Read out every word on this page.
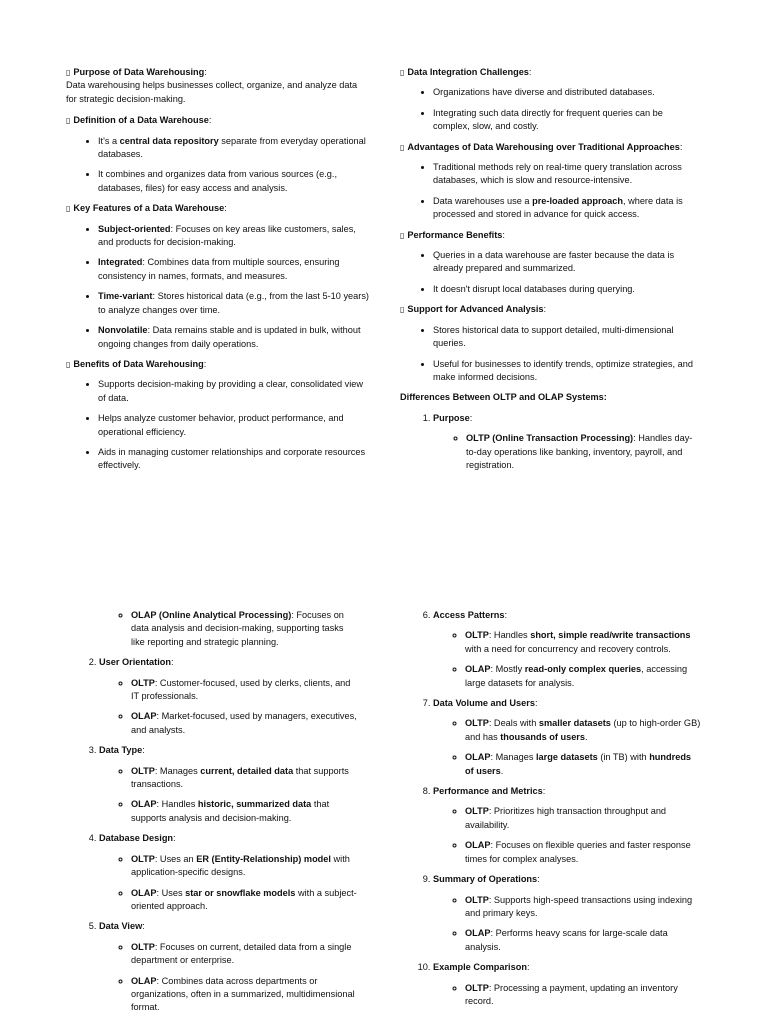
▯ Purpose of Data Warehousing:

Data warehousing helps businesses collect, organize, and analyze data for strategic decision-making.

▯ Definition of a Data Warehouse:

• It's a central data repository separate from everyday operational databases.
• It combines and organizes data from various sources (e.g., databases, files) for easy access and analysis.

▯ Key Features of a Data Warehouse:

• Subject-oriented: Focuses on key areas like customers, sales, and products for decision-making.
• Integrated: Combines data from multiple sources, ensuring consistency in names, formats, and measures.
• Time-variant: Stores historical data (e.g., from the last 5-10 years) to analyze changes over time.
• Nonvolatile: Data remains stable and is updated in bulk, without ongoing changes from daily operations.

▯ Benefits of Data Warehousing:

• Supports decision-making by providing a clear, consolidated view of data.
• Helps analyze customer behavior, product performance, and operational efficiency.
• Aids in managing customer relationships and corporate resources effectively.

▯ Data Integration Challenges:

• Organizations have diverse and distributed databases.
• Integrating such data directly for frequent queries can be complex, slow, and costly.

▯ Advantages of Data Warehousing over Traditional Approaches:

• Traditional methods rely on real-time query translation across databases, which is slow and resource-intensive.
• Data warehouses use a pre-loaded approach, where data is processed and stored in advance for quick access.

▯ Performance Benefits:

• Queries in a data warehouse are faster because the data is already prepared and summarized.
• It doesn't disrupt local databases during querying.

▯ Support for Advanced Analysis:

• Stores historical data to support detailed, multi-dimensional queries.
• Useful for businesses to identify trends, optimize strategies, and make informed decisions.

Differences Between OLTP and OLAP Systems:

1. Purpose:
◦ OLTP (Online Transaction Processing): Handles day-to-day operations like banking, inventory, payroll, and registration.
◦ OLAP (Online Analytical Processing): Focuses on data analysis and decision-making, supporting tasks like reporting and strategic planning.
2. User Orientation:
◦ OLTP: Customer-focused, used by clerks, clients, and IT professionals.
◦ OLAP: Market-focused, used by managers, executives, and analysts.
3. Data Type:
◦ OLTP: Manages current, detailed data that supports transactions.
◦ OLAP: Handles historic, summarized data that supports analysis and decision-making.
4. Database Design:
◦ OLTP: Uses an ER (Entity-Relationship) model with application-specific designs.
◦ OLAP: Uses star or snowflake models with a subject-oriented approach.
5. Data View:
◦ OLTP: Focuses on current, detailed data from a single department or enterprise.
◦ OLAP: Combines data across departments or organizations, often in a summarized, multidimensional format.
6. Access Patterns:
◦ OLTP: Handles short, simple read/write transactions with a need for concurrency and recovery controls.
◦ OLAP: Mostly read-only complex queries, accessing large datasets for analysis.
7. Data Volume and Users:
◦ OLTP: Deals with smaller datasets (up to high-order GB) and has thousands of users.
◦ OLAP: Manages large datasets (in TB) with hundreds of users.
8. Performance and Metrics:
◦ OLTP: Prioritizes high transaction throughput and availability.
◦ OLAP: Focuses on flexible queries and faster response times for complex analyses.
9. Summary of Operations:
◦ OLTP: Supports high-speed transactions using indexing and primary keys.
◦ OLAP: Performs heavy scans for large-scale data analysis.
10. Example Comparison:
◦ OLTP: Processing a payment, updating an inventory record.
